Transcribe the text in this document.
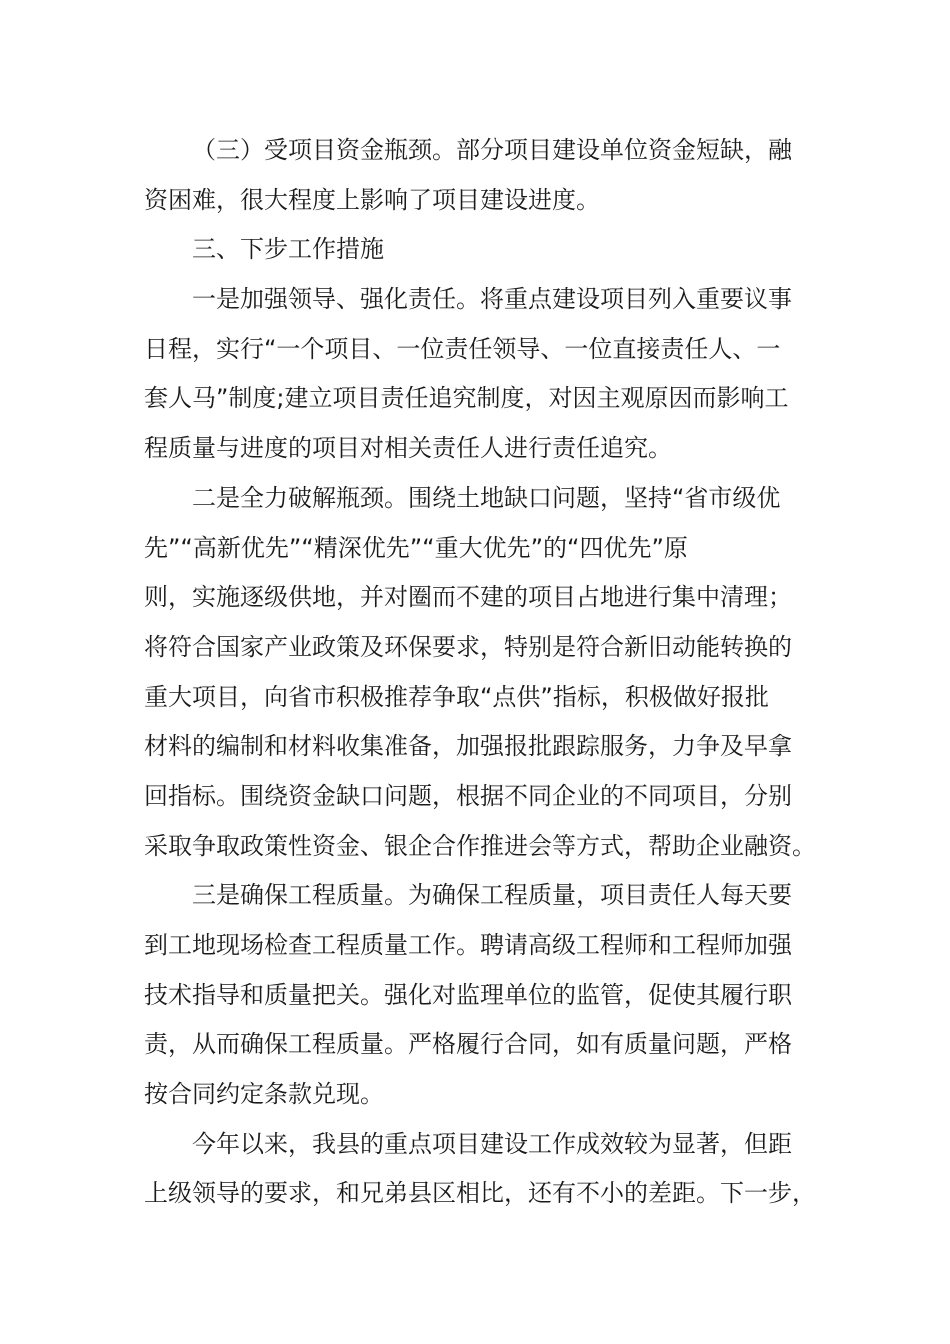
（三）受项目资金瓶颈。部分项目建设单位资金短缺，融
资困难，很大程度上影响了项目建设进度。
三、下步工作措施
一是加强领导、强化责任。将重点建设项目列入重要议事
日程，实行“一个项目、一位责任领导、一位直接责任人、一
套人马”制度;建立项目责任追究制度，对因主观原因而影响工
程质量与进度的项目对相关责任人进行责任追究。
二是全力破解瓶颈。围绕土地缺口问题，坚持“省市级优
先”“高新优先”“精深优先”“重大优先”的“四优先”原
则，实施逐级供地，并对圈而不建的项目占地进行集中清理；
将符合国家产业政策及环保要求，特别是符合新旧动能转换的
重大项目，向省市积极推荐争取“点供”指标，积极做好报批
材料的编制和材料收集准备，加强报批跟踪服务，力争及早拿
回指标。围绕资金缺口问题，根据不同企业的不同项目，分别
采取争取政策性资金、银企合作推进会等方式，帮助企业融资。
三是确保工程质量。为确保工程质量，项目责任人每天要
到工地现场检查工程质量工作。聘请高级工程师和工程师加强
技术指导和质量把关。强化对监理单位的监管，促使其履行职
责，从而确保工程质量。严格履行合同，如有质量问题，严格
按合同约定条款兑现。
今年以来，我县的重点项目建设工作成效较为显著，但距
上级领导的要求，和兄弟县区相比，还有不小的差距。下一步，
